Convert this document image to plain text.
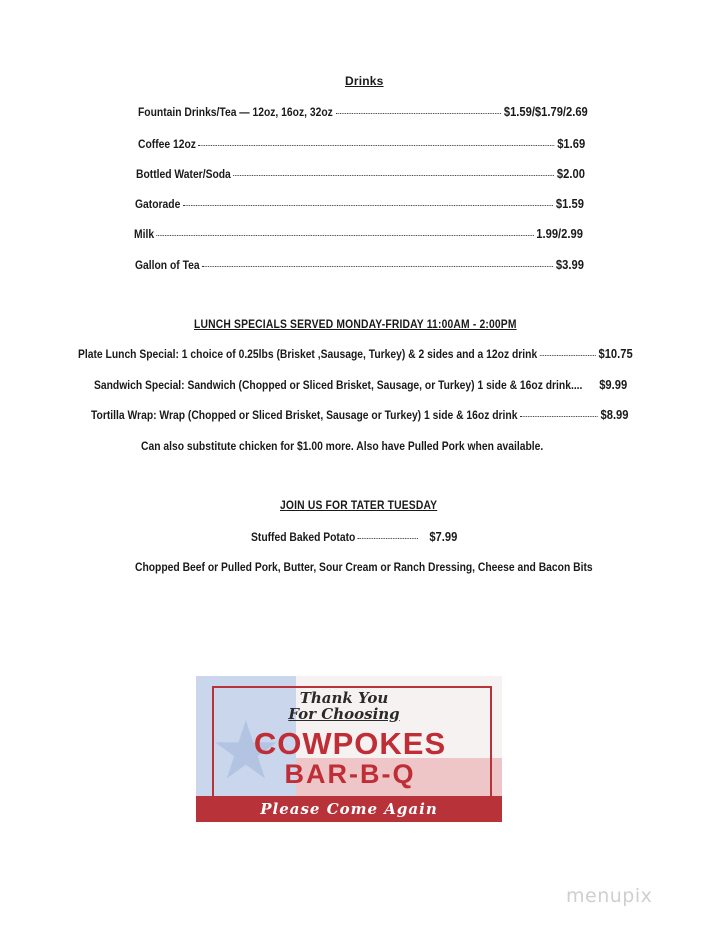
Drinks
Fountain Drinks/Tea — 12oz, 16oz, 32oz	$1.59/$1.79/2.69
Coffee 12oz	$1.69
Bottled Water/Soda	$2.00
Gatorade	$1.59
Milk	1.99/2.99
Gallon of Tea	$3.99
LUNCH SPECIALS SERVED MONDAY-FRIDAY 11:00AM - 2:00PM
Plate Lunch Special: 1 choice of 0.25lbs (Brisket ,Sausage, Turkey) & 2 sides and a 12oz drink	$10.75
Sandwich Special: Sandwich (Chopped or Sliced Brisket, Sausage, or Turkey) 1 side & 16oz drink.... $9.99
Tortilla Wrap: Wrap (Chopped or Sliced Brisket, Sausage or Turkey) 1 side & 16oz drink	$8.99
Can also substitute chicken for $1.00 more. Also have Pulled Pork when available.
JOIN US FOR TATER TUESDAY
Stuffed Baked Potato	$7.99
Chopped Beef or Pulled Pork, Butter, Sour Cream or Ranch Dressing, Cheese and Bacon Bits
★
Thank You
For Choosing
COWPOKES
BAR-B-Q
Please Come Again
menupix
